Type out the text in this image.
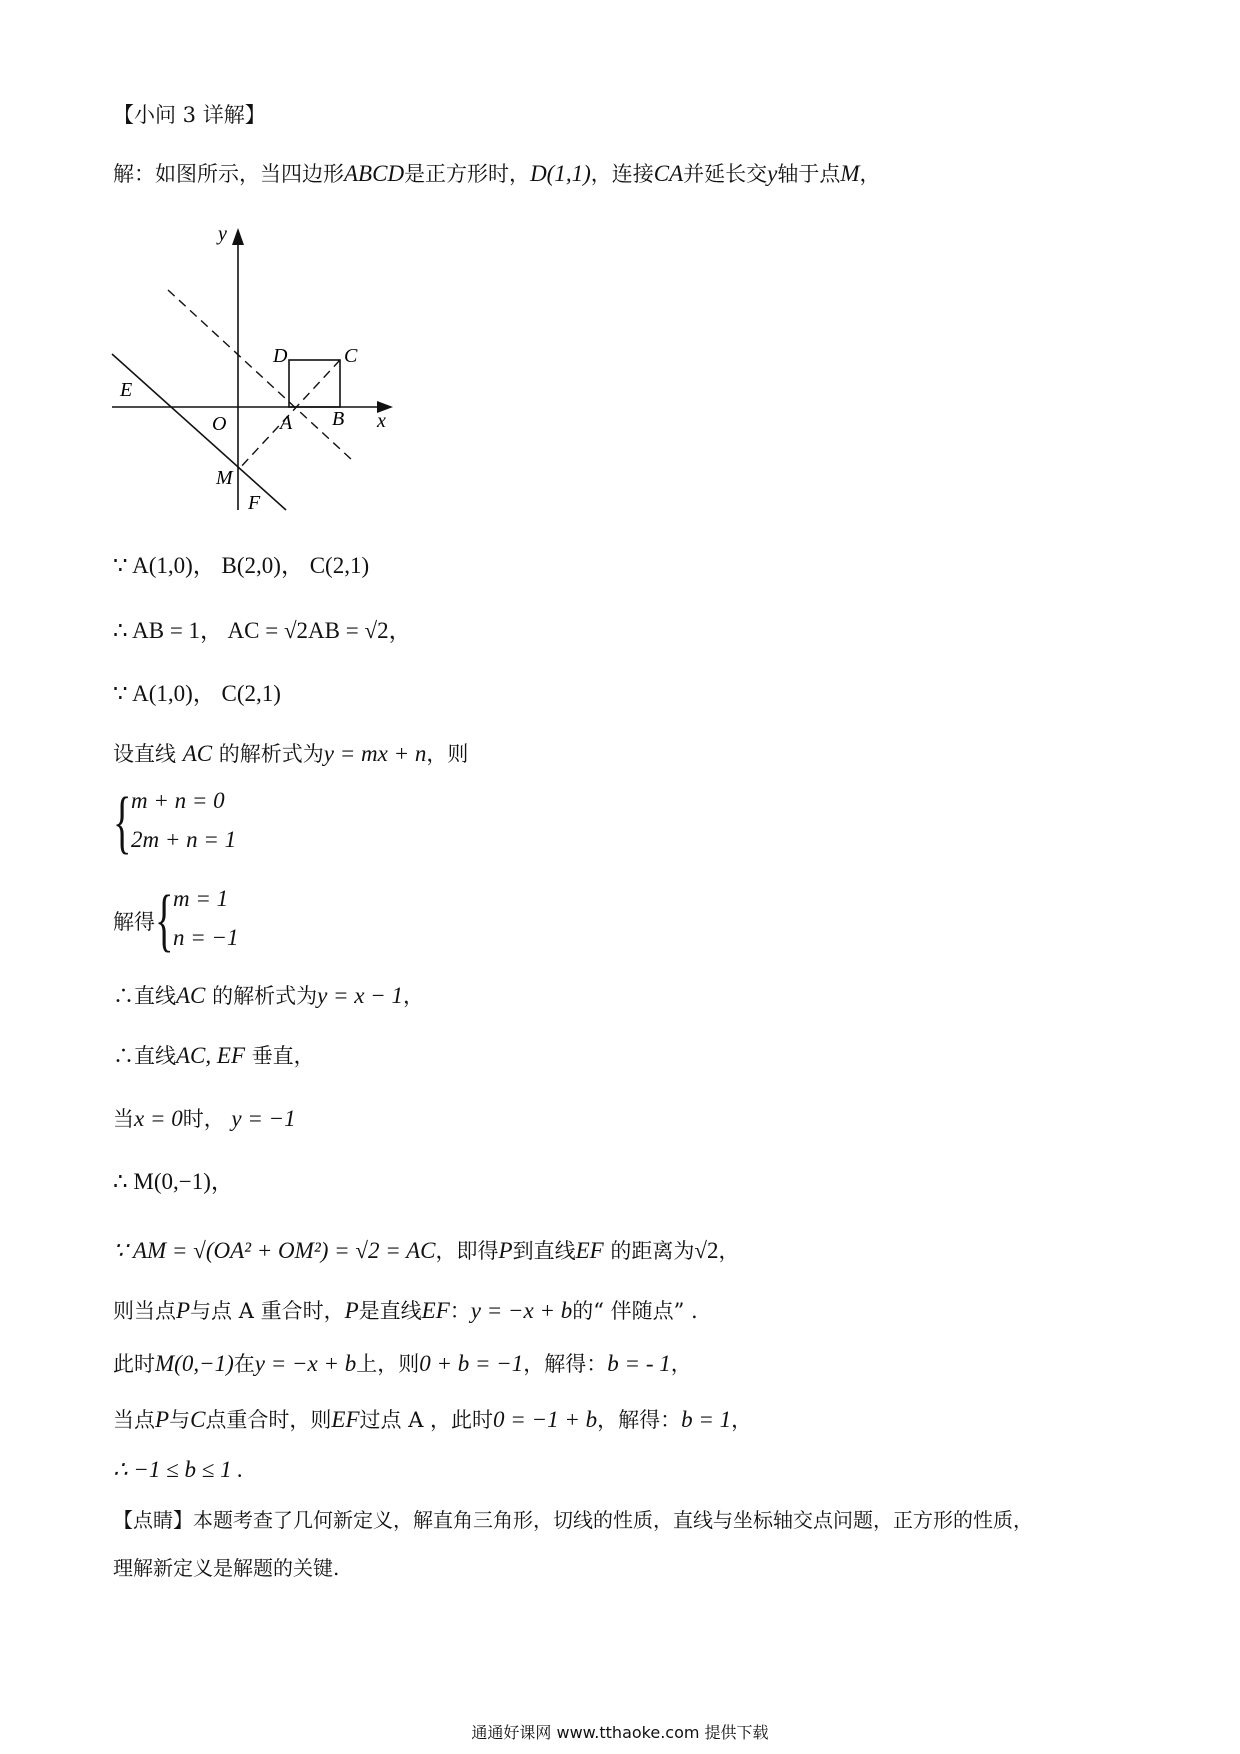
【小问 3 详解】
解：如图所示，当四边形ABCD是正方形时，D(1,1)，连接CA并延长交y轴于点M，
y
x
D	C
E
O	A B
M
F
∵ A(1,0)， B(2,0)， C(2,1)
∴ AB = 1， AC = √2AB = √2，
∵ A(1,0)， C(2,1)
设直线 AC 的解析式为y = mx + n，则
{ m + n = 0
2m + n = 1
解得 { m = 1
n = −1
∴直线AC 的解析式为y = x − 1，
∴直线AC, EF 垂直，
当x = 0时， y = −1
∴ M(0,−1)，
∵ AM = √(OA² + OM²) = √2 = AC，即得P到直线EF 的距离为√2，
则当点P与点 A 重合时，P是直线EF：y = −x + b的“ 伴随点” .
此时M(0,−1)在y = −x + b上，则0 + b = −1，解得：b = - 1，
当点P与C点重合时，则EF过点 A ，此时0 = −1 + b，解得：b = 1，
∴ −1 ≤ b ≤ 1 .
【点睛】本题考查了几何新定义，解直角三角形，切线的性质，直线与坐标轴交点问题，正方形的性质，
理解新定义是解题的关键.
通通好课网 www.tthaoke.com 提供下载
